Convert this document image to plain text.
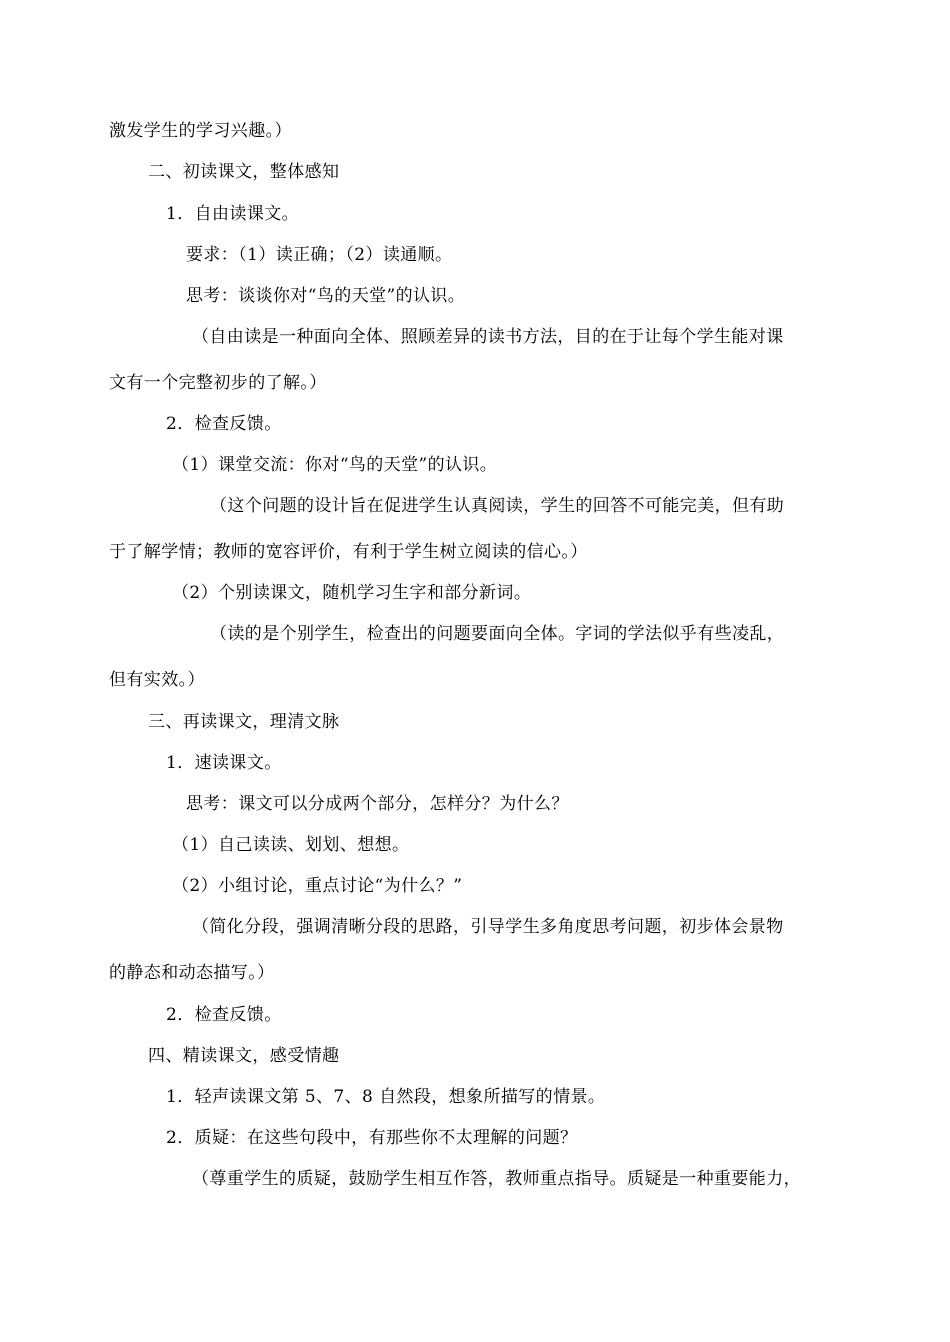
激发学生的学习兴趣。）
二、初读课文，整体感知
1．自由读课文。
要求：（1）读正确；（2）读通顺。
思考：谈谈你对“鸟的天堂”的认识。
（自由读是一种面向全体、照顾差异的读书方法，目的在于让每个学生能对课
文有一个完整初步的了解。）
2．检查反馈。
（1）课堂交流：你对“鸟的天堂”的认识。
（这个问题的设计旨在促进学生认真阅读，学生的回答不可能完美，但有助
于了解学情；教师的宽容评价，有利于学生树立阅读的信心。）
（2）个别读课文，随机学习生字和部分新词。
（读的是个别学生，检查出的问题要面向全体。字词的学法似乎有些凌乱，
但有实效。）
三、再读课文，理清文脉
1．速读课文。
思考：课文可以分成两个部分，怎样分？为什么？
（1）自己读读、划划、想想。
（2）小组讨论，重点讨论“为什么？”
（简化分段，强调清晰分段的思路，引导学生多角度思考问题，初步体会景物
的静态和动态描写。）
2．检查反馈。
四、精读课文，感受情趣
1．轻声读课文第 5、7、8 自然段，想象所描写的情景。
2．质疑：在这些句段中，有那些你不太理解的问题？
（尊重学生的质疑，鼓励学生相互作答，教师重点指导。质疑是一种重要能力，
